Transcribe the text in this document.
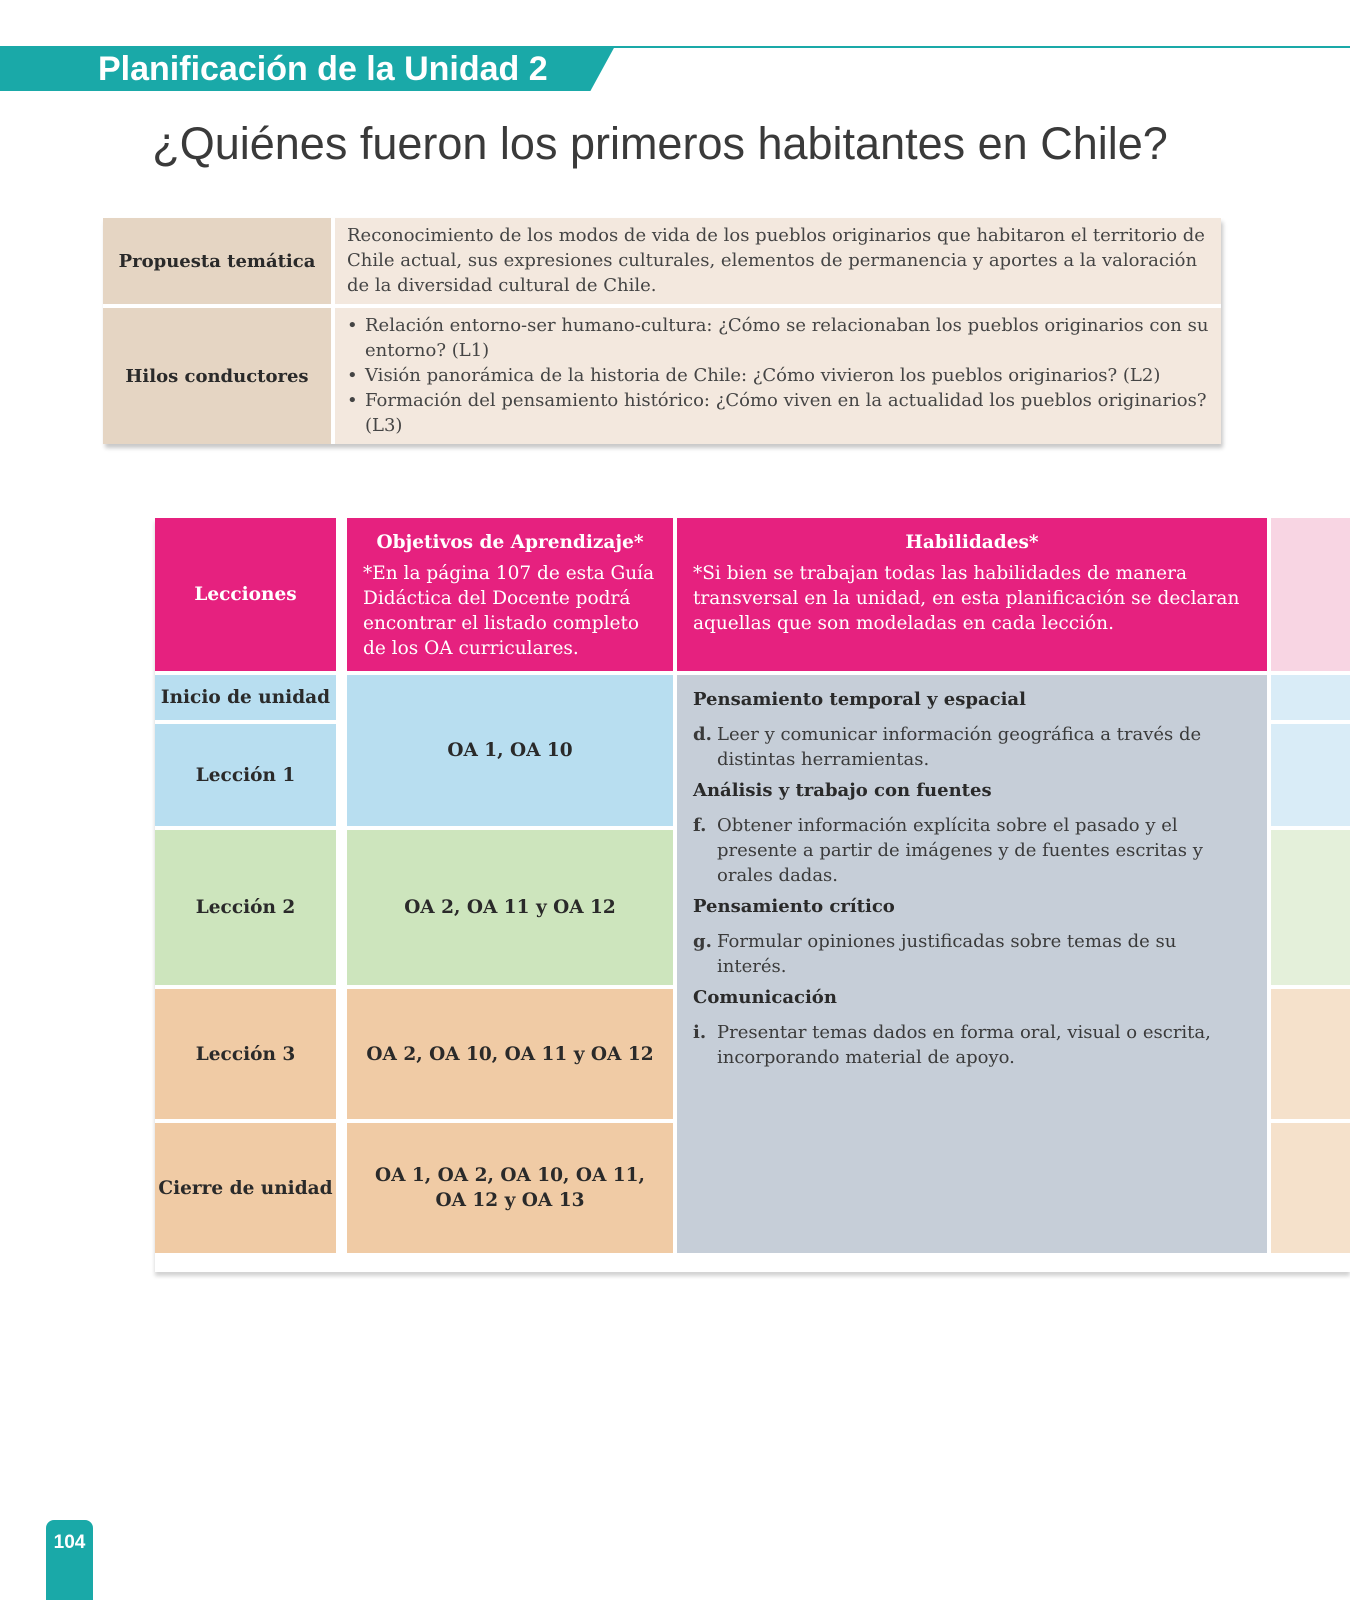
Planificación de la Unidad 2
¿Quiénes fueron los primeros habitantes en Chile?
Propuesta temática
Reconocimiento de los modos de vida de los pueblos originarios que habitaron el territorio de Chile actual, sus expresiones culturales, elementos de permanencia y aportes a la valoración de la diversidad cultural de Chile.
Hilos conductores
• Relación entorno-ser humano-cultura: ¿Cómo se relacionaban los pueblos originarios con su entorno? (L1)
• Visión panorámica de la historia de Chile: ¿Cómo vivieron los pueblos originarios? (L2)
• Formación del pensamiento histórico: ¿Cómo viven en la actualidad los pueblos originarios? (L3)
Lecciones
Objetivos de Aprendizaje*
*En la página 107 de esta Guía Didáctica del Docente podrá encontrar el listado completo de los OA curriculares.
Habilidades*
*Si bien se trabajan todas las habilidades de manera transversal en la unidad, en esta planificación se declaran aquellas que son modeladas en cada lección.
Inicio de unidad
Lección 1
Lección 2
Lección 3
Cierre de unidad
OA 1, OA 10
OA 2, OA 11 y OA 12
OA 2, OA 10, OA 11 y OA 12
OA 1, OA 2, OA 10, OA 11, OA 12 y OA 13
Pensamiento temporal y espacial
d. Leer y comunicar información geográfica a través de distintas herramientas.
Análisis y trabajo con fuentes
f. Obtener información explícita sobre el pasado y el presente a partir de imágenes y de fuentes escritas y orales dadas.
Pensamiento crítico
g. Formular opiniones justificadas sobre temas de su interés.
Comunicación
i. Presentar temas dados en forma oral, visual o escrita, incorporando material de apoyo.
104
